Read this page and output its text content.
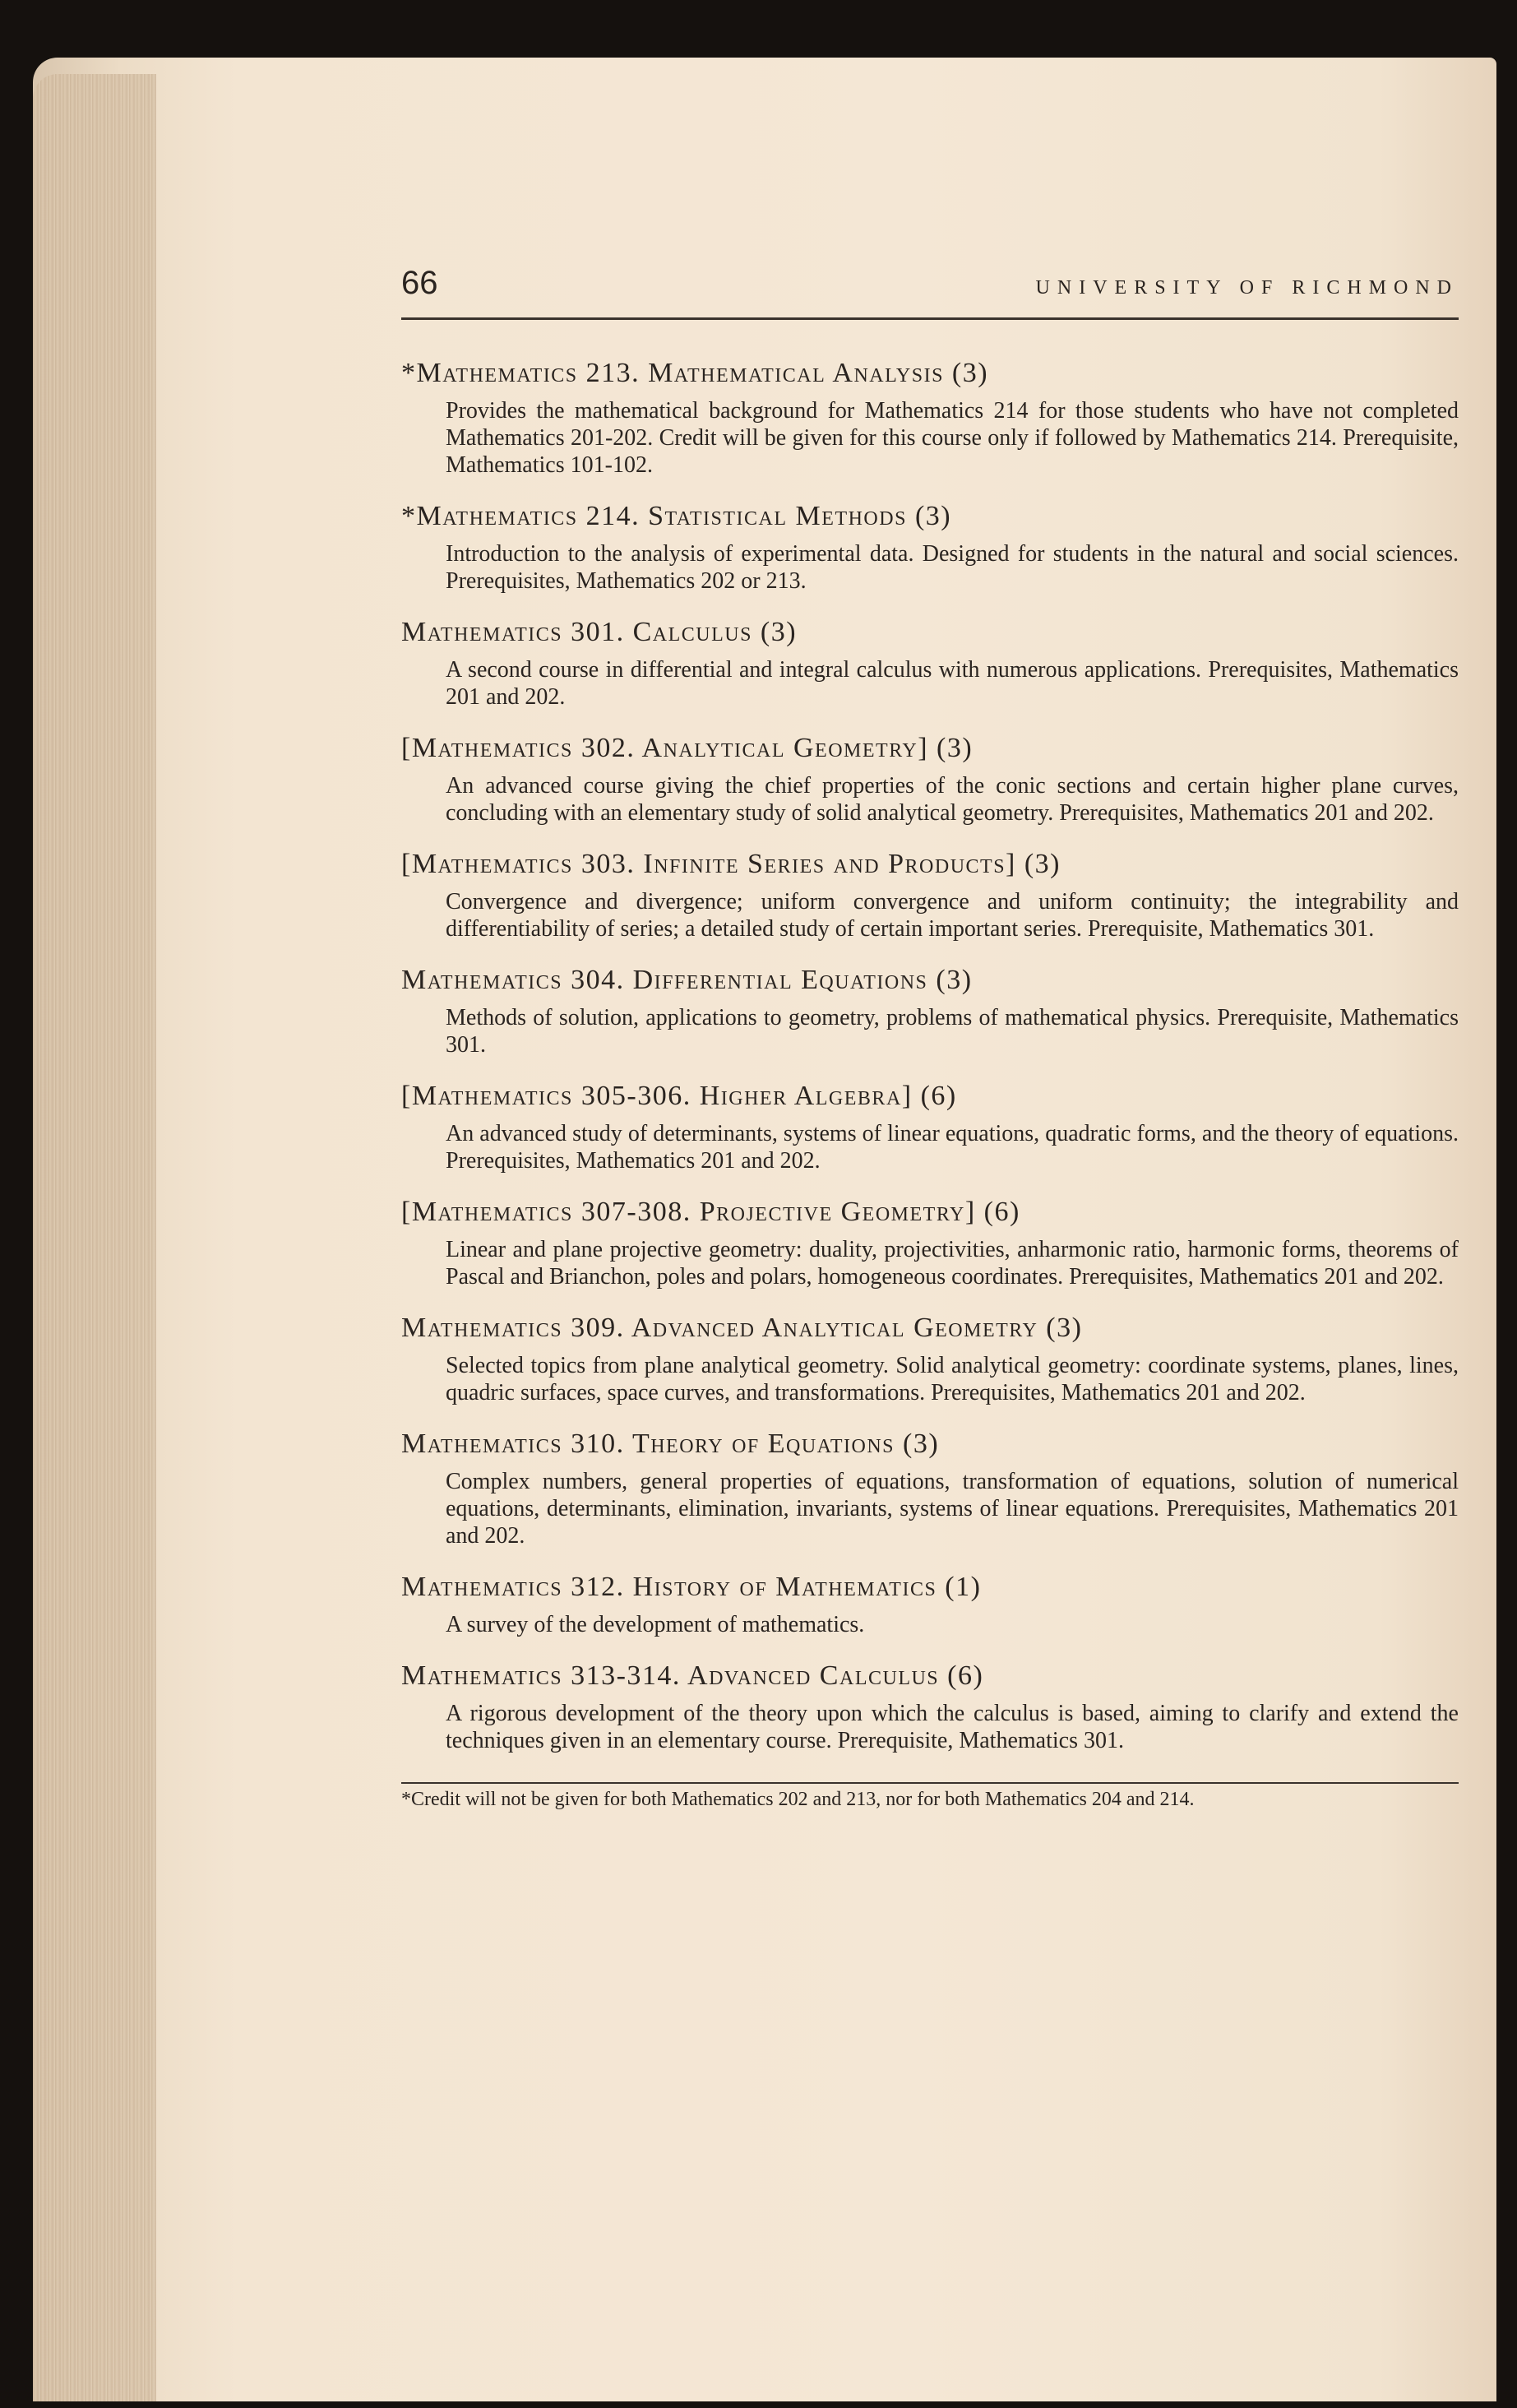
66	UNIVERSITY OF RICHMOND
*Mathematics 213. Mathematical Analysis (3)
Provides the mathematical background for Mathematics 214 for those students who have not completed Mathematics 201-202. Credit will be given for this course only if followed by Mathematics 214. Prerequisite, Mathematics 101-102.
*Mathematics 214. Statistical Methods (3)
Introduction to the analysis of experimental data. Designed for students in the natural and social sciences. Prerequisites, Mathematics 202 or 213.
Mathematics 301. Calculus (3)
A second course in differential and integral calculus with numerous applications. Prerequisites, Mathematics 201 and 202.
[Mathematics 302. Analytical Geometry] (3)
An advanced course giving the chief properties of the conic sections and certain higher plane curves, concluding with an elementary study of solid analytical geometry. Prerequisites, Mathematics 201 and 202.
[Mathematics 303. Infinite Series and Products] (3)
Convergence and divergence; uniform convergence and uniform continuity; the integrability and differentiability of series; a detailed study of certain important series. Prerequisite, Mathematics 301.
Mathematics 304. Differential Equations (3)
Methods of solution, applications to geometry, problems of mathematical physics. Prerequisite, Mathematics 301.
[Mathematics 305-306. Higher Algebra] (6)
An advanced study of determinants, systems of linear equations, quadratic forms, and the theory of equations. Prerequisites, Mathematics 201 and 202.
[Mathematics 307-308. Projective Geometry] (6)
Linear and plane projective geometry: duality, projectivities, anharmonic ratio, harmonic forms, theorems of Pascal and Brianchon, poles and polars, homogeneous coordinates. Prerequisites, Mathematics 201 and 202.
Mathematics 309. Advanced Analytical Geometry (3)
Selected topics from plane analytical geometry. Solid analytical geometry: coordinate systems, planes, lines, quadric surfaces, space curves, and transformations. Prerequisites, Mathematics 201 and 202.
Mathematics 310. Theory of Equations (3)
Complex numbers, general properties of equations, transformation of equations, solution of numerical equations, determinants, elimination, invariants, systems of linear equations. Prerequisites, Mathematics 201 and 202.
Mathematics 312. History of Mathematics (1)
A survey of the development of mathematics.
Mathematics 313-314. Advanced Calculus (6)
A rigorous development of the theory upon which the calculus is based, aiming to clarify and extend the techniques given in an elementary course. Prerequisite, Mathematics 301.
*Credit will not be given for both Mathematics 202 and 213, nor for both Mathematics 204 and 214.
